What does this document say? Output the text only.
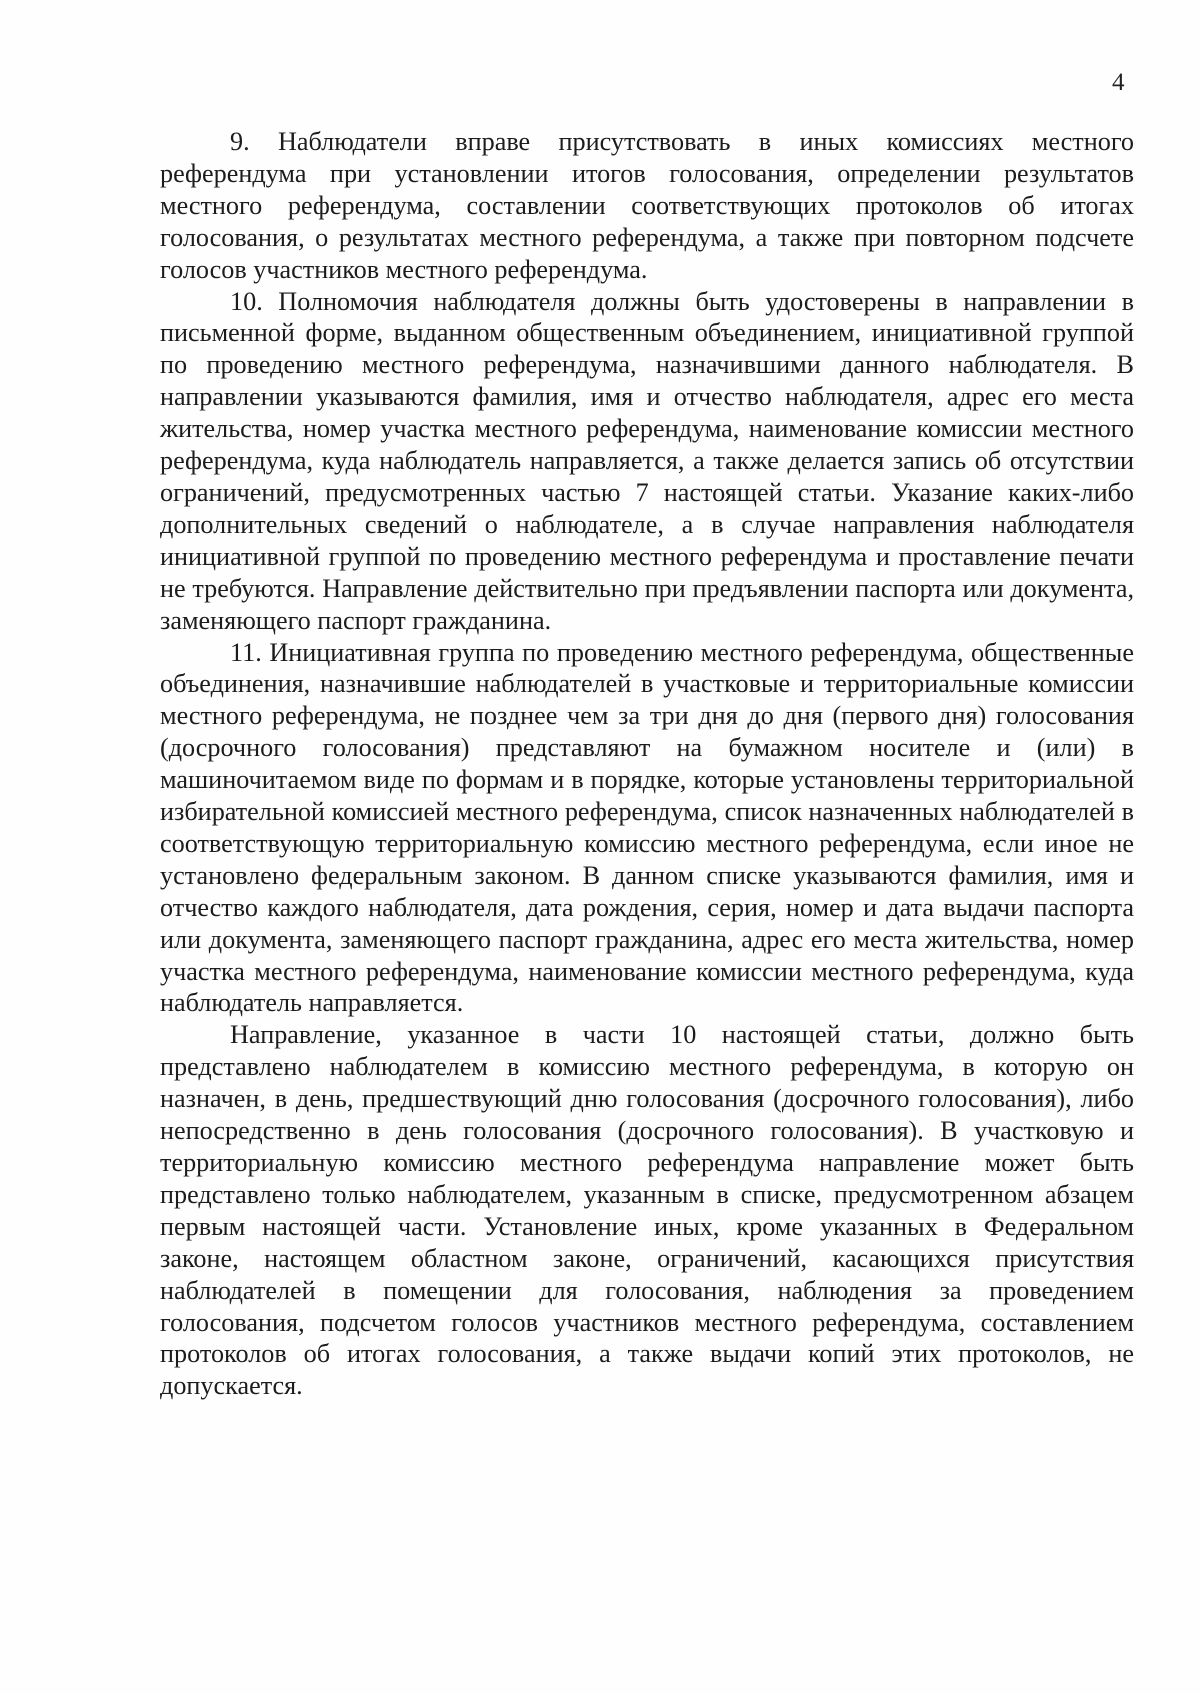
4

9. Наблюдатели вправе присутствовать в иных комиссиях местного референдума при установлении итогов голосования, определении результатов местного референдума, составлении соответствующих протоколов об итогах голосования, о результатах местного референдума, а также при повторном подсчете голосов участников местного референдума.

10. Полномочия наблюдателя должны быть удостоверены в направлении в письменной форме, выданном общественным объединением, инициативной группой по проведению местного референдума, назначившими данного наблюдателя. В направлении указываются фамилия, имя и отчество наблюдателя, адрес его места жительства, номер участка местного референдума, наименование комиссии местного референдума, куда наблюдатель направляется, а также делается запись об отсутствии ограничений, предусмотренных частью 7 настоящей статьи. Указание каких-либо дополнительных сведений о наблюдателе, а в случае направления наблюдателя инициативной группой по проведению местного референдума и проставление печати не требуются. Направление действительно при предъявлении паспорта или документа, заменяющего паспорт гражданина.

11. Инициативная группа по проведению местного референдума, общественные объединения, назначившие наблюдателей в участковые и территориальные комиссии местного референдума, не позднее чем за три дня до дня (первого дня) голосования (досрочного голосования) представляют на бумажном носителе и (или) в машиночитаемом виде по формам и в порядке, которые установлены территориальной избирательной комиссией местного референдума, список назначенных наблюдателей в соответствующую территориальную комиссию местного референдума, если иное не установлено федеральным законом. В данном списке указываются фамилия, имя и отчество каждого наблюдателя, дата рождения, серия, номер и дата выдачи паспорта или документа, заменяющего паспорт гражданина, адрес его места жительства, номер участка местного референдума, наименование комиссии местного референдума, куда наблюдатель направляется.

Направление, указанное в части 10 настоящей статьи, должно быть представлено наблюдателем в комиссию местного референдума, в которую он назначен, в день, предшествующий дню голосования (досрочного голосования), либо непосредственно в день голосования (досрочного голосования). В участковую и территориальную комиссию местного референдума направление может быть представлено только наблюдателем, указанным в списке, предусмотренном абзацем первым настоящей части. Установление иных, кроме указанных в Федеральном законе, настоящем областном законе, ограничений, касающихся присутствия наблюдателей в помещении для голосования, наблюдения за проведением голосования, подсчетом голосов участников местного референдума, составлением протоколов об итогах голосования, а также выдачи копий этих протоколов, не допускается.
